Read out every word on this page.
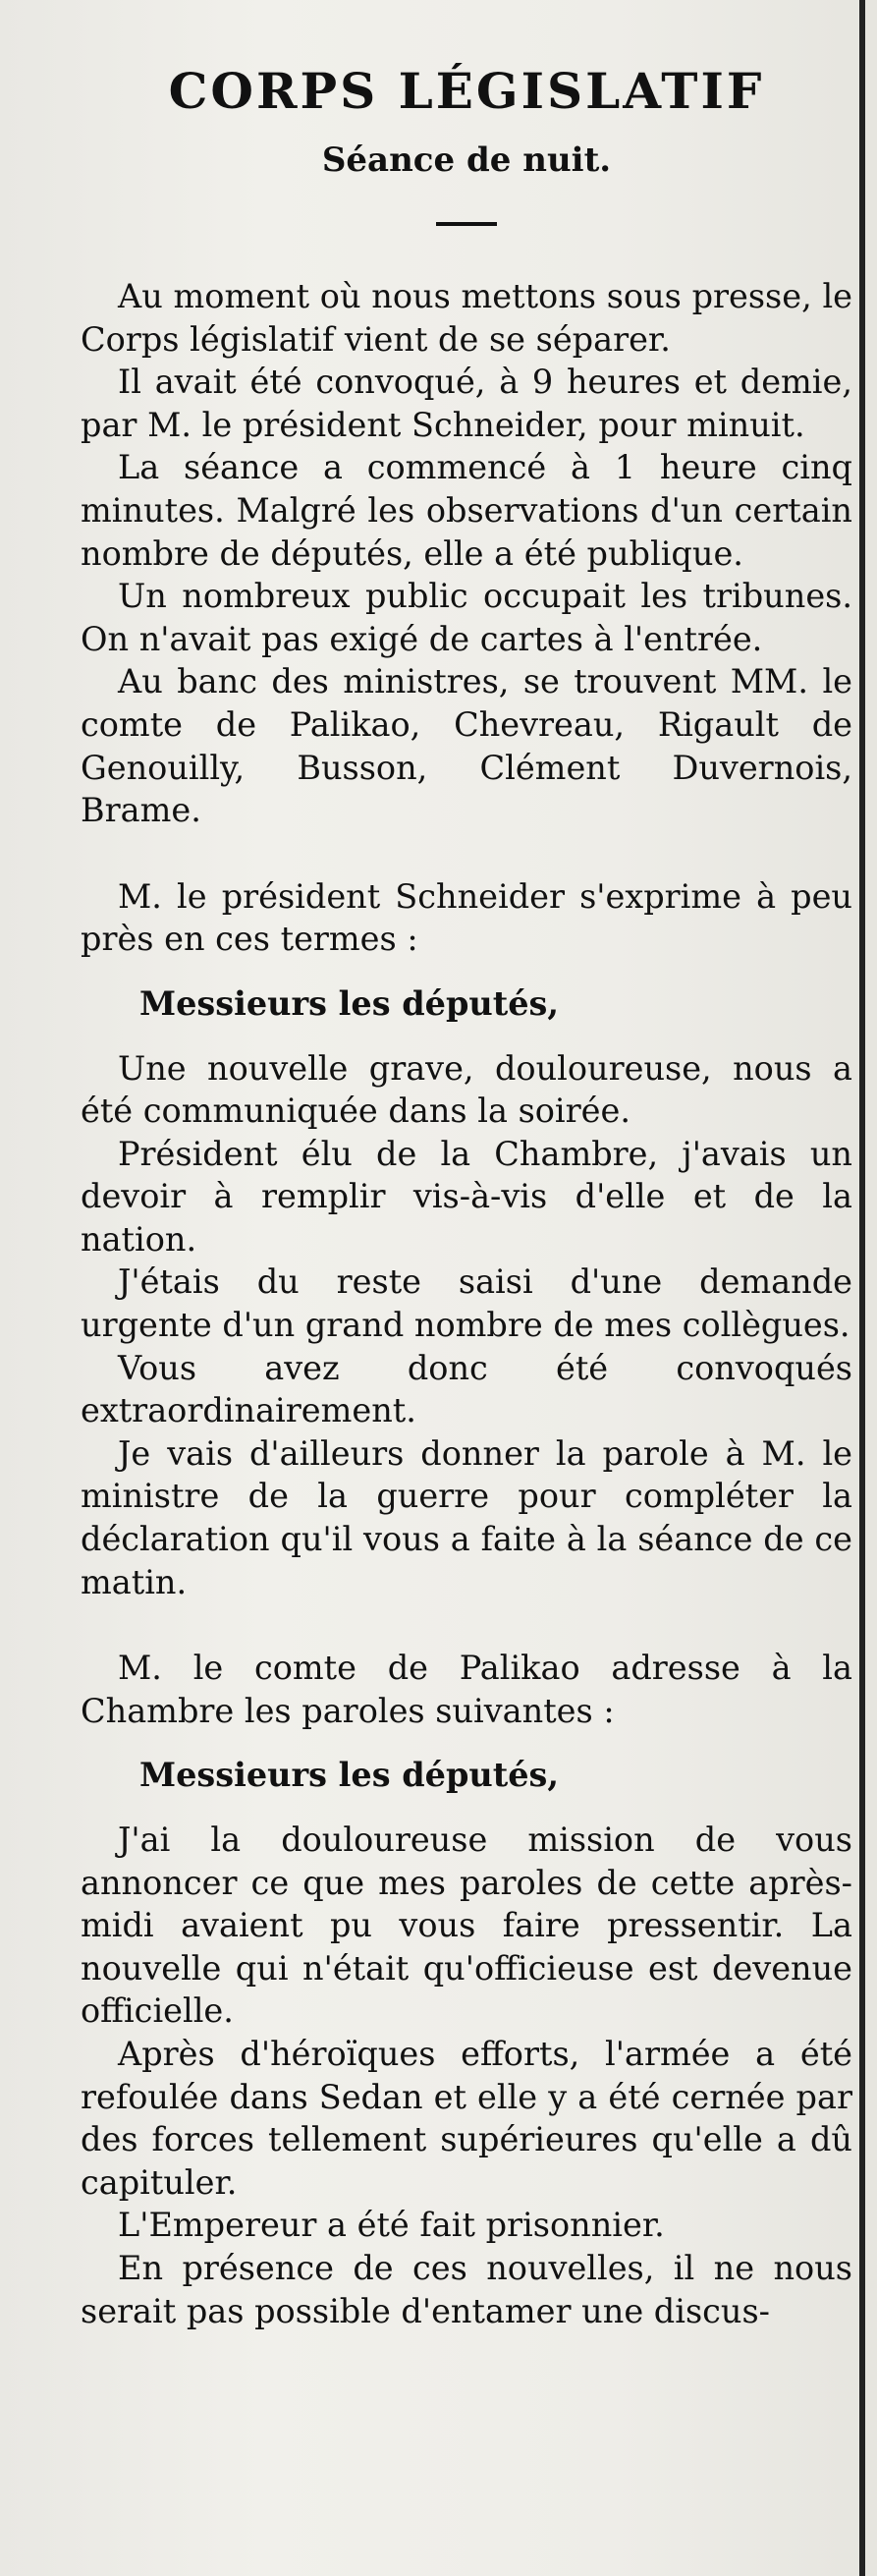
CORPS LÉGISLATIF
Séance de nuit.

Au moment où nous mettons sous presse, le Corps législatif vient de se séparer.

Il avait été convoqué, à 9 heures et demie, par M. le président Schneider, pour minuit.

La séance a commencé à 1 heure cinq minutes. Malgré les observations d'un certain nombre de députés, elle a été publique.

Un nombreux public occupait les tribunes. On n'avait pas exigé de cartes à l'entrée.

Au banc des ministres, se trouvent MM. le comte de Palikao, Chevreau, Rigault de Genouilly, Busson, Clément Duvernois, Brame.

M. le président Schneider s'exprime à peu près en ces termes :

Messieurs les députés,

Une nouvelle grave, douloureuse, nous a été communiquée dans la soirée.

Président élu de la Chambre, j'avais un devoir à remplir vis-à-vis d'elle et de la nation.

J'étais du reste saisi d'une demande urgente d'un grand nombre de mes collègues.

Vous avez donc été convoqués extraordinairement.

Je vais d'ailleurs donner la parole à M. le ministre de la guerre pour compléter la déclaration qu'il vous a faite à la séance de ce matin.

M. le comte de Palikao adresse à la Chambre les paroles suivantes :

Messieurs les députés,

J'ai la douloureuse mission de vous annoncer ce que mes paroles de cette après-midi avaient pu vous faire pressentir. La nouvelle qui n'était qu'officieuse est devenue officielle.

Après d'héroïques efforts, l'armée a été refoulée dans Sedan et elle y a été cernée par des forces tellement supérieures qu'elle a dû capituler.

L'Empereur a été fait prisonnier.

En présence de ces nouvelles, il ne nous serait pas possible d'entamer une discus-
